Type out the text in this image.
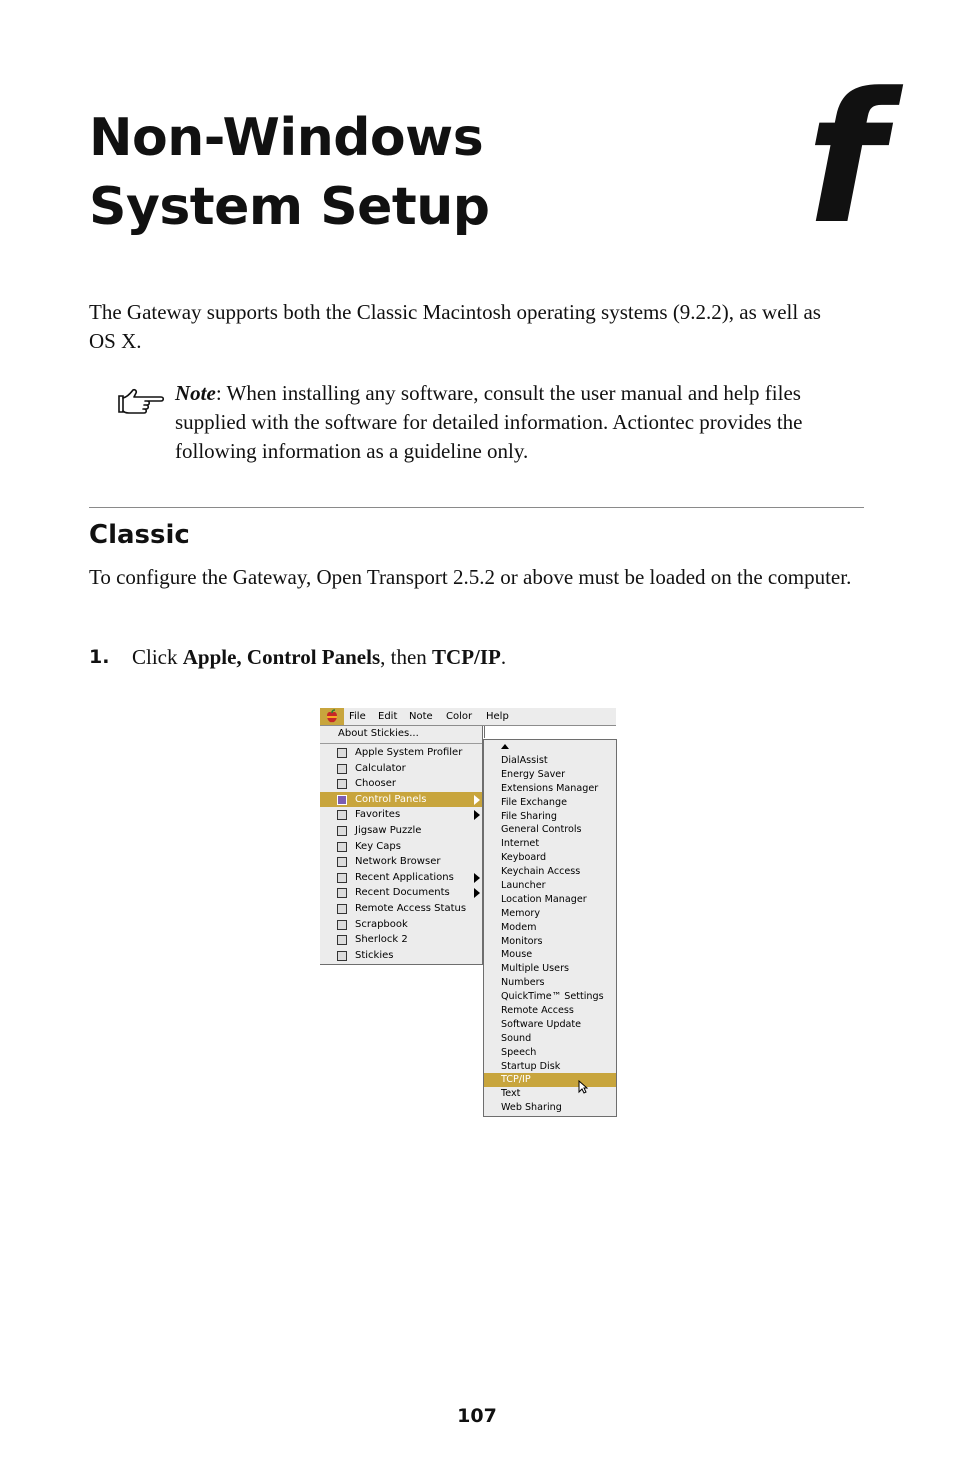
Non-Windows
System Setup f

The Gateway supports both the Classic Macintosh operating systems (9.2.2), as well as OS X.

Note: When installing any software, consult the user manual and help files supplied with the software for detailed information. Actiontec provides the following information as a guideline only.

Classic

To configure the Gateway, Open Transport 2.5.2 or above must be loaded on the computer.

1. Click Apple, Control Panels, then TCP/IP.
File Edit Note Color Help
About Stickies...
Apple System Profiler
Calculator
Chooser
Control Panels
Favorites
Jigsaw Puzzle
Key Caps
Network Browser
Recent Applications
Recent Documents
Remote Access Status
Scrapbook
Sherlock 2
Stickies
DialAssist
Energy Saver
Extensions Manager
File Exchange
File Sharing
General Controls
Internet
Keyboard
Keychain Access
Launcher
Location Manager
Memory
Modem
Monitors
Mouse
Multiple Users
Numbers
QuickTime™ Settings
Remote Access
Software Update
Sound
Speech
Startup Disk
TCP/IP
Text
Web Sharing
107
